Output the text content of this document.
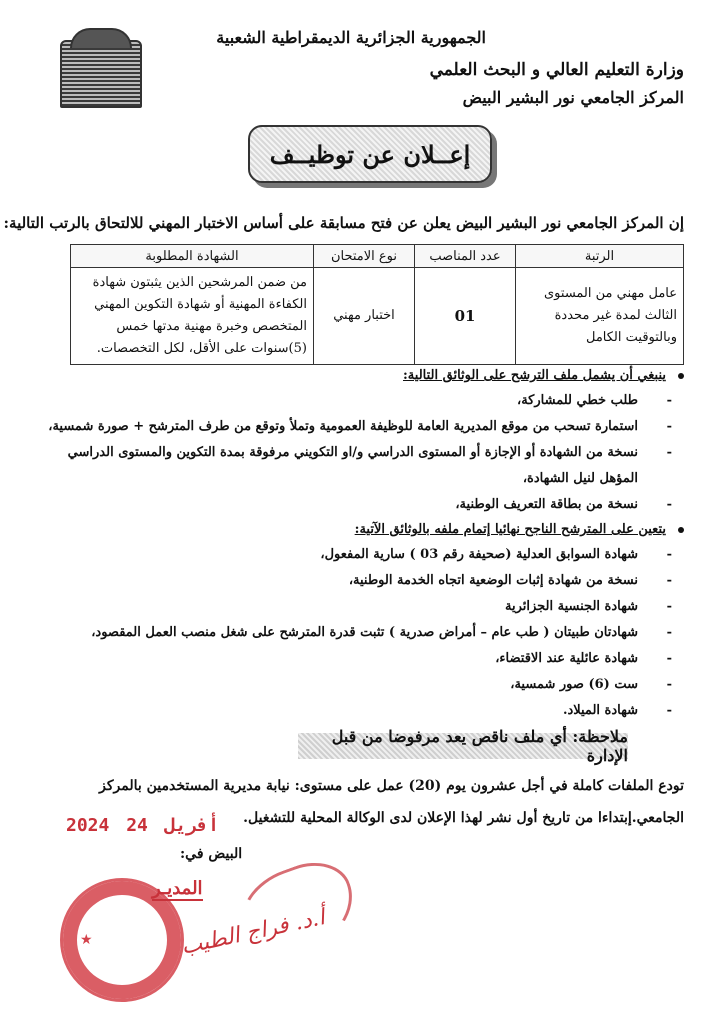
الجمهورية الجزائرية الديمقراطية الشعبية
وزارة التعليم العالي و البحث العلمي
المركز الجامعي نور البشير البيض
إعــلان عن توظيــف
إن المركز الجامعي نور البشير البيض يعلن عن فتح مسابقة على أساس الاختبار المهني للالتحاق بالرتب التالية:
الرتبة	عدد المناصب	نوع الامتحان	الشهادة المطلوبة
عامل مهني من المستوى الثالث لمدة غير محددة وبالتوقيت الكامل	01	اختبار مهني	من ضمن المرشحين الذين يثبتون شهادة الكفاءة المهنية أو شهادة التكوين المهني المتخصص وخبرة مهنية مدتها خمس (5)سنوات على الأقل، لكل التخصصات.
ينبغي أن يشمل ملف الترشح على الوثائق التالية:
- طلب خطي للمشاركة،
- استمارة تسحب من موقع المديرية العامة للوظيفة العمومية وتملأ وتوقع من طرف المترشح + صورة شمسية،
- نسخة من الشهادة أو الإجازة أو المستوى الدراسي و/او التكويني مرفوقة بمدة التكوين والمستوى الدراسي المؤهل لنيل الشهادة،
- نسخة من بطاقة التعريف الوطنية،
يتعين على المترشح الناجح نهائيا إتمام ملفه بالوثائق الآتية:
- شهادة السوابق العدلية (صحيفة رقم 03 ) سارية المفعول،
- نسخة من شهادة إثبات الوضعية اتجاه الخدمة الوطنية،
- شهادة الجنسية الجزائرية
- شهادتان طبيتان ( طب عام – أمراض صدرية ) تثبت قدرة المترشح على شغل منصب العمل المقصود،
- شهادة عائلية عند الاقتضاء،
- ست (6) صور شمسية،
- شهادة الميلاد.
ملاحظة: أي ملف ناقص يعد مرفوضا من قبل الإدارة
تودع الملفات كاملة في أجل عشرون يوم (20) عمل على مستوى: نيابة مديرية المستخدمين بالمركز الجامعي.إبتداءا من تاريخ أول نشر لهذا الإعلان لدى الوكالة المحلية للتشغيل.
2024	أفريل 24
البيض في:
★
المديـر
أ.د. فراج الطيب
